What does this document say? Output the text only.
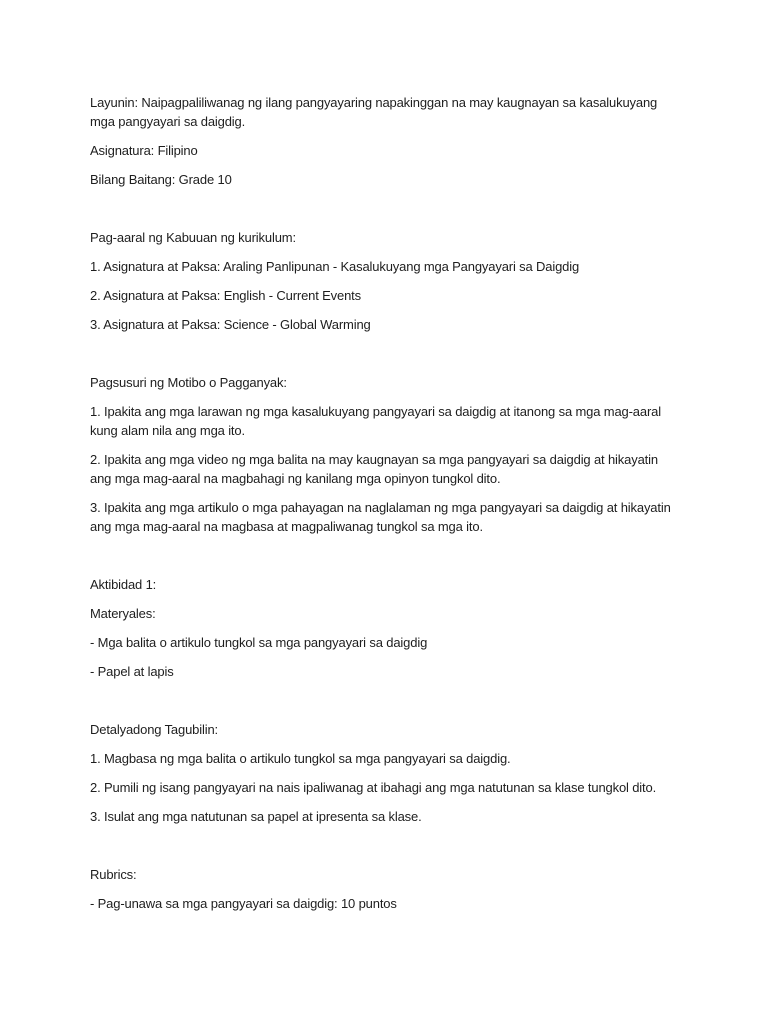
Layunin: Naipagpaliliwanag ng ilang pangyayaring napakinggan na may kaugnayan sa kasalukuyang mga pangyayari sa daigdig.

Asignatura: Filipino

Bilang Baitang: Grade 10

Pag-aaral ng Kabuuan ng kurikulum:

1. Asignatura at Paksa: Araling Panlipunan - Kasalukuyang mga Pangyayari sa Daigdig

2. Asignatura at Paksa: English - Current Events

3. Asignatura at Paksa: Science - Global Warming

Pagsusuri ng Motibo o Pagganyak:

1. Ipakita ang mga larawan ng mga kasalukuyang pangyayari sa daigdig at itanong sa mga mag-aaral kung alam nila ang mga ito.

2. Ipakita ang mga video ng mga balita na may kaugnayan sa mga pangyayari sa daigdig at hikayatin ang mga mag-aaral na magbahagi ng kanilang mga opinyon tungkol dito.

3. Ipakita ang mga artikulo o mga pahayagan na naglalaman ng mga pangyayari sa daigdig at hikayatin ang mga mag-aaral na magbasa at magpaliwanag tungkol sa mga ito.

Aktibidad 1:

Materyales:

- Mga balita o artikulo tungkol sa mga pangyayari sa daigdig

- Papel at lapis

Detalyadong Tagubilin:

1. Magbasa ng mga balita o artikulo tungkol sa mga pangyayari sa daigdig.

2. Pumili ng isang pangyayari na nais ipaliwanag at ibahagi ang mga natutunan sa klase tungkol dito.

3. Isulat ang mga natutunan sa papel at ipresenta sa klase.

Rubrics:

- Pag-unawa sa mga pangyayari sa daigdig: 10 puntos
